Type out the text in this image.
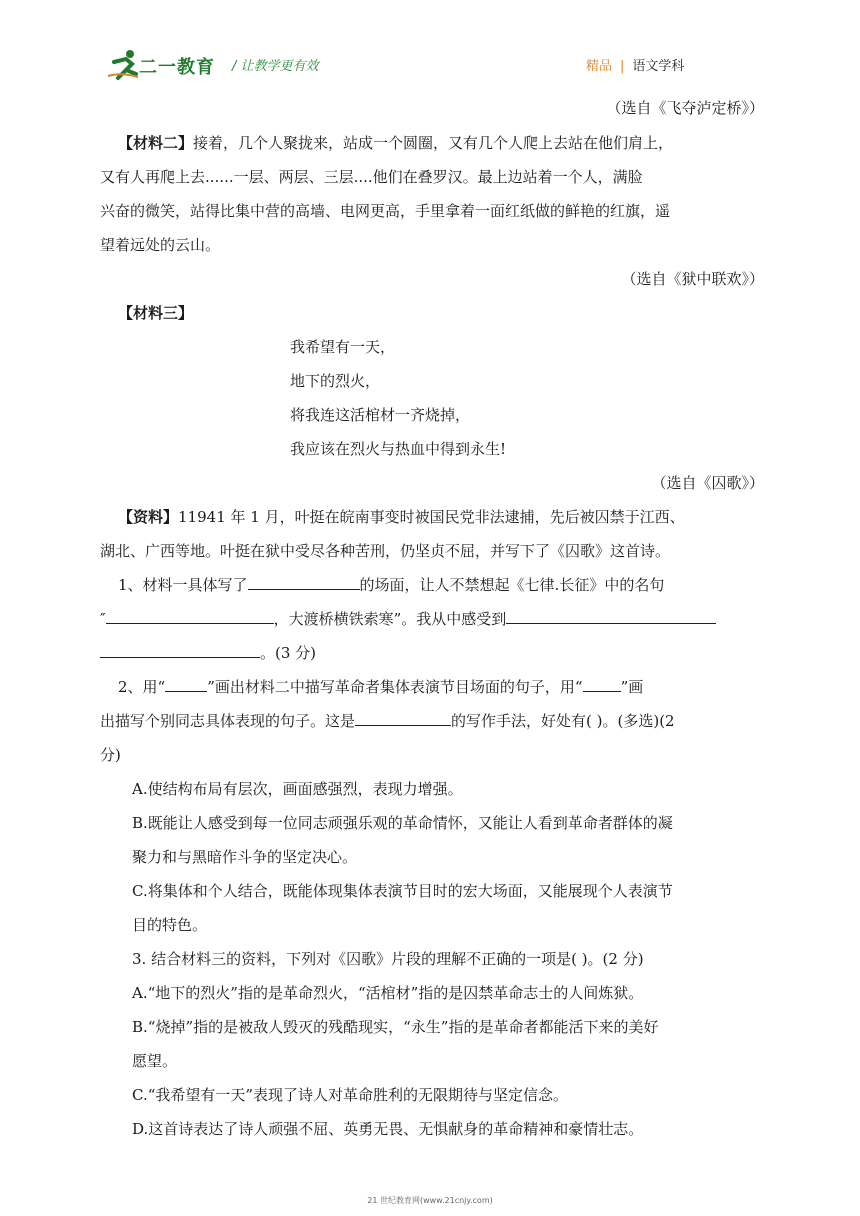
二一教育 / 让教学更有效	精品 | 语文学科
（选自《飞夺泸定桥》）
【材料二】接着，几个人聚拢来，站成一个圆圈，又有几个人爬上去站在他们肩上，
又有人再爬上去......一层、两层、三层....他们在叠罗汉。最上边站着一个人，满脸
兴奋的微笑，站得比集中营的高墙、电网更高，手里拿着一面红纸做的鲜艳的红旗，遥
望着远处的云山。
（选自《狱中联欢》）
【材料三】
我希望有一天，
地下的烈火，
将我连这活棺材一齐烧掉，
我应该在烈火与热血中得到永生!
（选自《囚歌》）
【资料】11941 年 1 月，叶挺在皖南事变时被国民党非法逮捕，先后被囚禁于江西、
湖北、广西等地。叶挺在狱中受尽各种苦刑，仍坚贞不屈，并写下了《囚歌》这首诗。
1、材料一具体写了	的场面，让人不禁想起《七律.长征》中的名句
″	，大渡桥横铁索寒”。我从中感受到
。(3 分)
2、用“	”画出材料二中描写革命者集体表演节目场面的句子，用“	”画
出描写个别同志具体表现的句子。这是	的写作手法，好处有( )。(多选)(2
分)
A.使结构布局有层次，画面感强烈，表现力增强。
B.既能让人感受到每一位同志顽强乐观的革命情怀，又能让人看到革命者群体的凝
聚力和与黑暗作斗争的坚定决心。
C.将集体和个人结合，既能体现集体表演节目时的宏大场面，又能展现个人表演节
目的特色。
3. 结合材料三的资料，下列对《囚歌》片段的理解不正确的一项是( )。(2 分)
A.“地下的烈火”指的是革命烈火，“活棺材”指的是囚禁革命志士的人间炼狱。
B.“烧掉”指的是被敌人毁灭的残酷现实，“永生”指的是革命者都能活下来的美好
愿望。
C.“我希望有一天”表现了诗人对革命胜利的无限期待与坚定信念。
D.这首诗表达了诗人顽强不屈、英勇无畏、无惧献身的革命精神和豪情壮志。
21 世纪教育网(www.21cnjy.com)
